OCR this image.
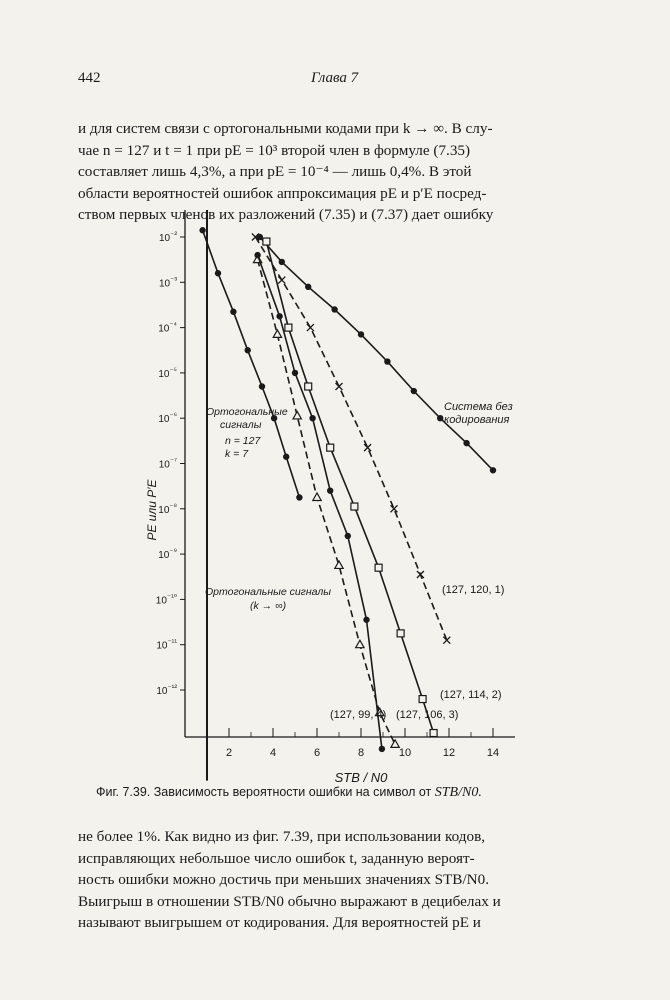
442	Глава 7
и для систем связи с ортогональными кодами при k → ∞. В слу-
чае n = 127 и t = 1 при pE = 10³ второй член в формуле (7.35)
составляет лишь 4,3%, а при pE = 10⁻⁴ — лишь 0,4%. В этой
области вероятностей ошибок аппроксимация pE и p′E посред-
ством первых членов их разложений (7.35) и (7.37) дает ошибку
2	4	6	8	10	12	14
$10^{^{-2}}$
$10^{^{-3}}$
$10^{^{-4}}$
$10^{^{-5}}$
$10^{^{-6}}$
$10^{^{-7}}$
$10^{^{-8}}$
$10^{^{-9}}$
$10^{^{-10}}$
$10^{^{-11}}$
$10^{^{-12}}$
PE или P′E
STB / N0
Система без
кодирования
(127, 120, 1)
(127, 114, 2)
(127, 106, 3)
(127, 99, 4)
Ортогональные
сигналы
n = 127
k = 7
Ортогональные сигналы
(k → ∞)
Фиг. 7.39. Зависимость вероятности ошибки на символ от STB/N0.
не более 1%. Как видно из фиг. 7.39, при использовании кодов,
исправляющих небольшое число ошибок t, заданную вероят-
ность ошибки можно достичь при меньших значениях STB/N0.
Выигрыш в отношении STB/N0 обычно выражают в децибелах и
называют выигрышем от кодирования. Для вероятностей pE и
